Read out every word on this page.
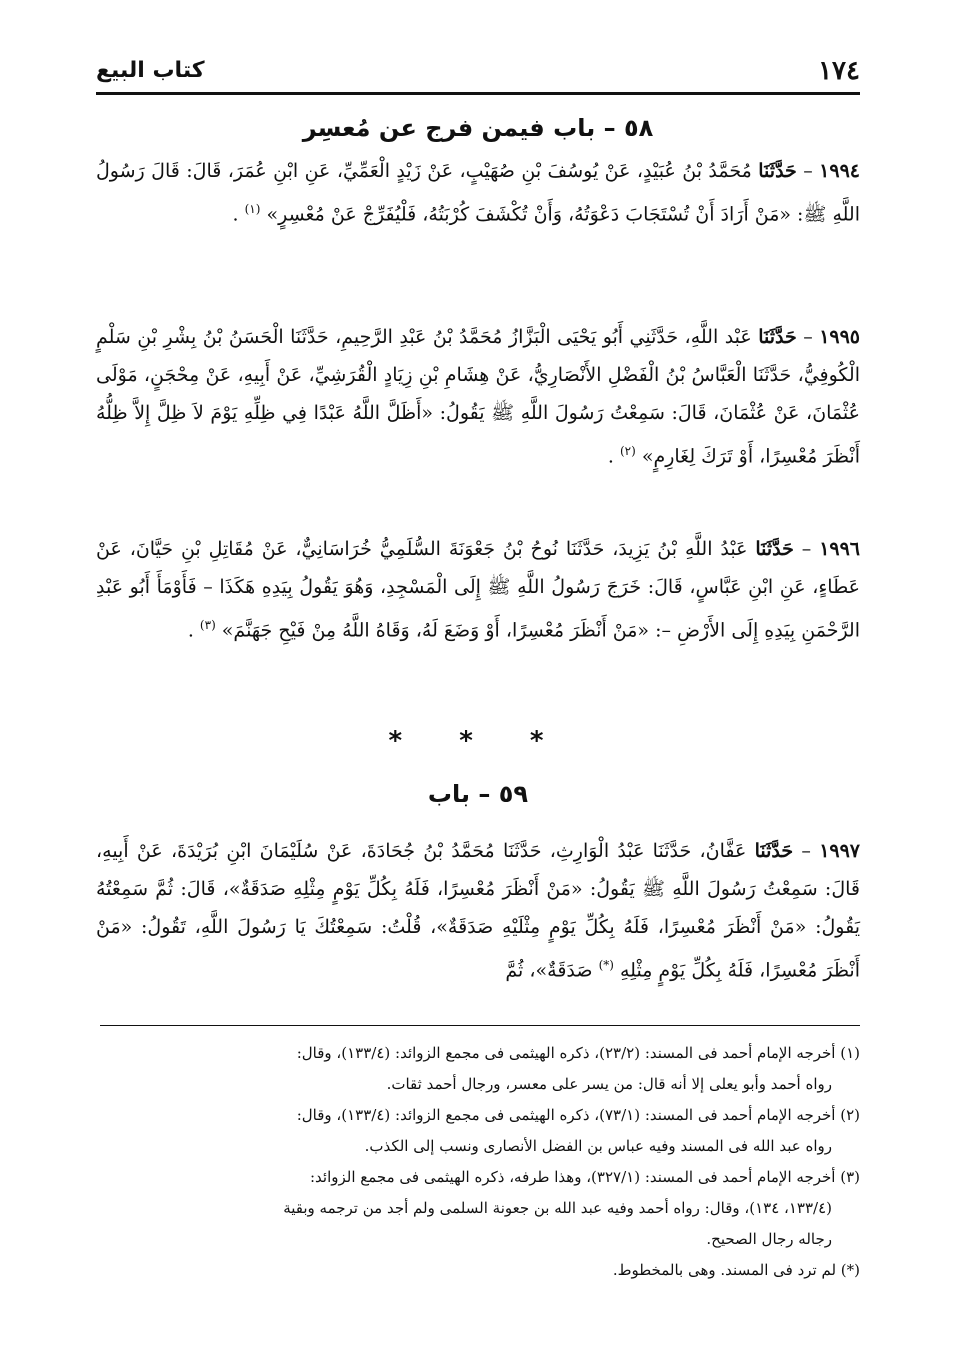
١٧٤
كتاب البيع
٥٨ – باب فيمن فرج عن مُعسِر

١٩٩٤ – حَدَّثَنَا مُحَمَّدُ بْنُ عُبَيْدٍ، عَنْ يُوسُفَ بْنِ صُهَيْبٍ، عَنْ زَيْدٍ الْعَمِّيِّ، عَنِ ابْنِ عُمَرَ، قَالَ: قَالَ رَسُولُ اللَّهِ ﷺ: «مَنْ أَرَادَ أَنْ تُسْتَجَابَ دَعْوَتُهُ، وَأَنْ تُكْشَفَ كُرْبَتُهُ، فَلْيُفَرِّجْ عَنْ مُعْسِرٍ» $^{(١)}$ .

١٩٩٥ – حَدَّثَنَا عَبْد اللَّهِ، حَدَّثَنِي أَبُو يَحْيَى الْبَزَّازُ مُحَمَّدُ بْنُ عَبْدِ الرَّحِيمِ، حَدَّثَنَا الْحَسَنُ بْنُ بِشْرِ بْنِ سَلْمٍ الْكُوفِيُّ، حَدَّثَنَا الْعَبَّاسُ بْنُ الْفَضْلِ الأَنْصَارِيُّ، عَنْ هِشَامِ بْنِ زِيَادٍ الْقُرَشِيِّ، عَنْ أَبِيهِ، عَنْ مِحْجَنٍ، مَوْلَى عُثْمَانَ، عَنْ عُثْمَانَ، قَالَ: سَمِعْتُ رَسُولَ اللَّهِ ﷺ يَقُولُ: «أَظَلَّ اللَّهُ عَبْدًا فِي ظِلِّهِ يَوْمَ لاَ ظِلَّ إِلاَّ ظِلُّهُ أَنْظَرَ مُعْسِرًا، أَوْ تَرَكَ لِغَارِمٍ» $^{(٢)}$ .

١٩٩٦ – حَدَّثَنَا عَبْدُ اللَّهِ بْنُ يَزِيدَ، حَدَّثَنَا نُوحُ بْنُ جَعْوَنَةَ السُّلَمِيُّ خُرَاسَانِيٌّ، عَنْ مُقَاتِلِ بْنِ حَيَّانَ، عَنْ عَطَاءٍ، عَنِ ابْنِ عَبَّاسٍ، قَالَ: خَرَجَ رَسُولُ اللَّهِ ﷺ إِلَى الْمَسْجِدِ، وَهُوَ يَقُولُ بِيَدِهِ هَكَذَا – فَأَوْمَأَ أَبُو عَبْدِ الرَّحْمَنِ بِيَدِهِ إِلَى الأَرْضِ –: «مَنْ أَنْظَرَ مُعْسِرًا، أَوْ وَضَعَ لَهُ، وَقَاهُ اللَّهُ مِنْ فَيْحِ جَهَنَّمَ» $^{(٣)}$ .

* * *
٥٩ – باب

١٩٩٧ – حَدَّثَنَا عَفَّانُ، حَدَّثَنَا عَبْدُ الْوَارِثِ، حَدَّثَنَا مُحَمَّدُ بْنُ جُحَادَةَ، عَنْ سُلَيْمَانَ ابْنِ بُرَيْدَةَ، عَنْ أَبِيهِ، قَالَ: سَمِعْتُ رَسُولَ اللَّهِ ﷺ يَقُولُ: «مَنْ أَنْظَرَ مُعْسِرًا، فَلَهُ بِكُلِّ يَوْمٍ مِثْلِهِ صَدَقَةٌ»، قَالَ: ثُمَّ سَمِعْتُهُ يَقُولُ: «مَنْ أَنْظَرَ مُعْسِرًا، فَلَهُ بِكُلِّ يَوْمٍ مِثْلَيْهِ صَدَقَةٌ»، قُلْتُ: سَمِعْتُكَ يَا رَسُولَ اللَّهِ، تَقُولُ: «مَنْ أَنْظَرَ مُعْسِرًا، فَلَهُ بِكُلِّ يَوْمٍ مِثْلِهِ (*) صَدَقَةٌ»، ثُمَّ

(١) أخرجه الإمام أحمد فى المسند: (٢٣/٢)، ذكره الهيثمى فى مجمع الزوائد: (١٣٣/٤)، وقال:
رواه أحمد وأبو يعلى إلا أنه قال: من يسر على معسر، ورجال أحمد ثقات.

(٢) أخرجه الإمام أحمد فى المسند: (٧٣/١)، ذكره الهيثمى فى مجمع الزوائد: (١٣٣/٤)، وقال:
رواه عبد الله فى المسند وفيه عباس بن الفضل الأنصارى ونسب إلى الكذب.

(٣) أخرجه الإمام أحمد فى المسند: (٣٢٧/١)، وهذا طرفه، ذكره الهيثمى فى مجمع الزوائد:
(١٣٣/٤، ١٣٤)، وقال: رواه أحمد وفيه عبد الله بن جعونة السلمى ولم أجد من ترجمه وبقية
رجاله رجال الصحيح.

(*) لم ترد فى المسند. وهى بالمخطوط.
